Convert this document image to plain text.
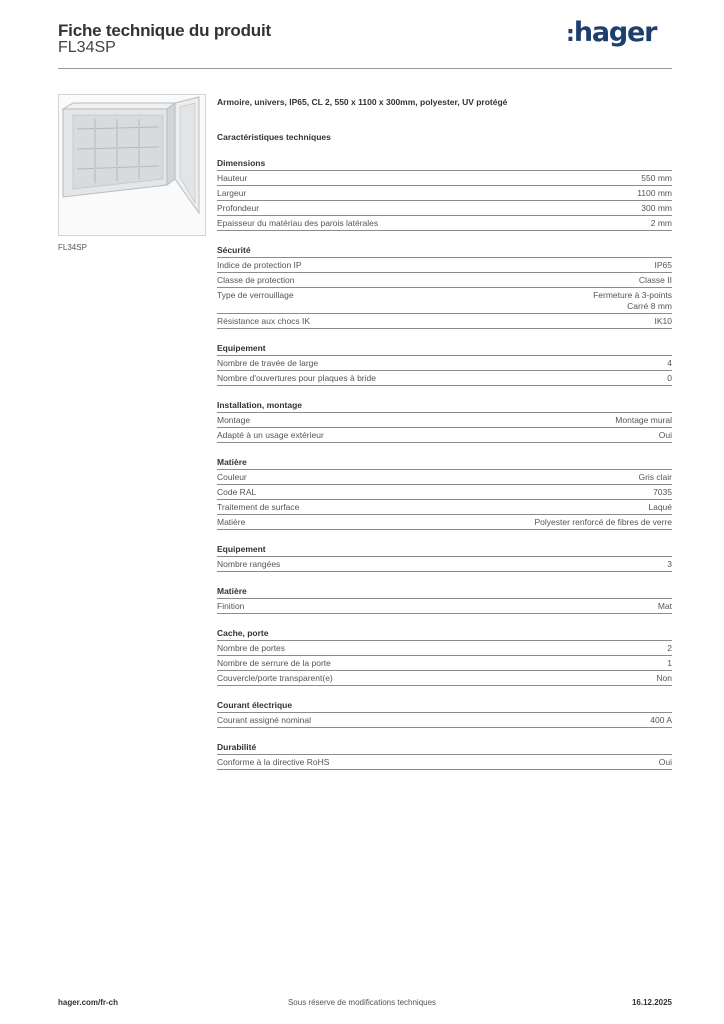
Fiche technique du produit
FL34SP
:hager
FL34SP
Armoire, univers, IP65, CL 2, 550 x 1100 x 300mm, polyester, UV protégé
Caractéristiques techniques
Dimensions
Hauteur	550 mm
Largeur	1100 mm
Profondeur	300 mm
Epaisseur du matériau des parois latérales	2 mm
Sécurité
Indice de protection IP	IP65
Classe de protection	Classe II
Type de verrouillage	Fermeture à 3-points
Carré 8 mm
Résistance aux chocs IK	IK10
Equipement
Nombre de travée de large	4
Nombre d'ouvertures pour plaques à bride	0
Installation, montage
Montage	Montage mural
Adapté à un usage extérieur	Oui
Matière
Couleur	Gris clair
Code RAL	7035
Traitement de surface	Laqué
Matière	Polyester renforcé de fibres de verre
Equipement
Nombre rangées	3
Matière
Finition	Mat
Cache, porte
Nombre de portes	2
Nombre de serrure de la porte	1
Couvercle/porte transparent(e)	Non
Courant électrique
Courant assigné nominal	400 A
Durabilité
Conforme à la directive RoHS	Oui
hager.com/fr-ch	Sous réserve de modifications techniques	16.12.2025
